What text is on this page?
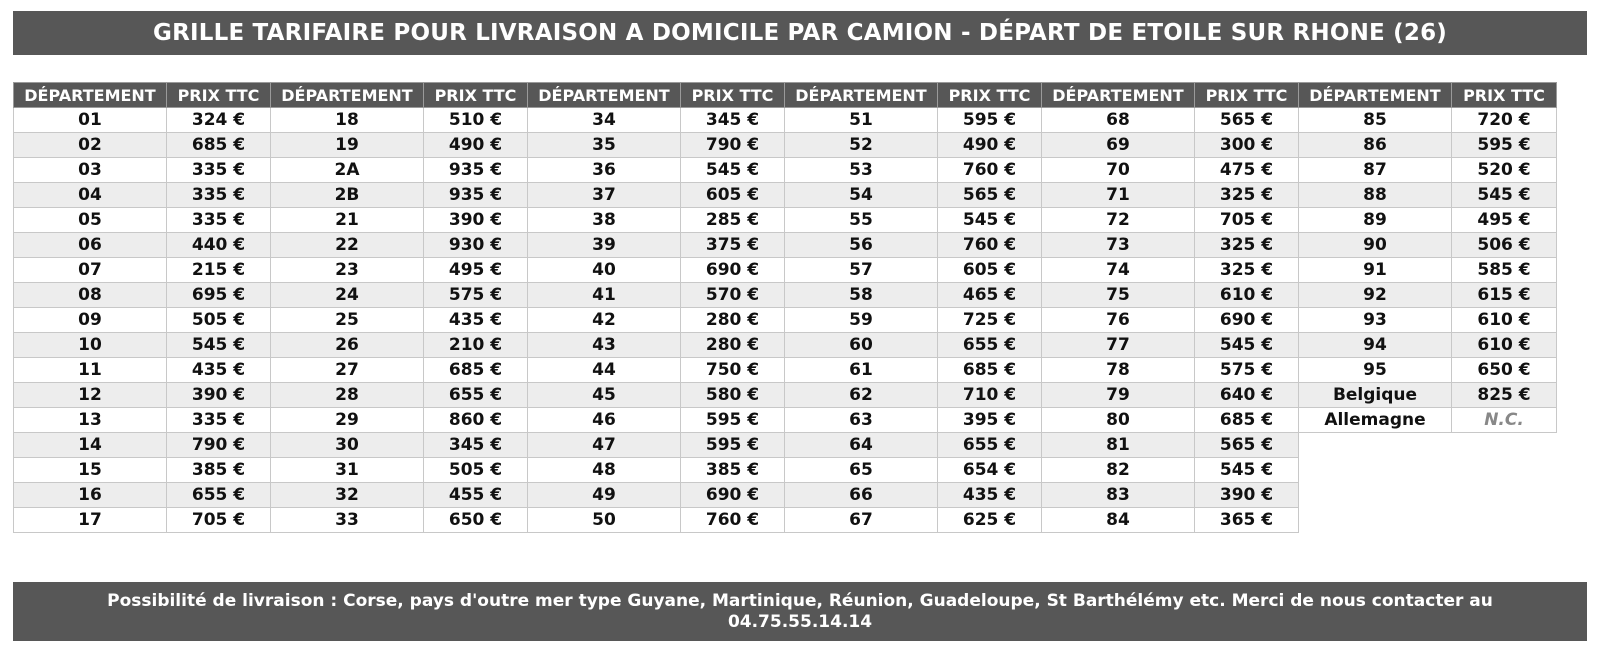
GRILLE TARIFAIRE POUR LIVRAISON A DOMICILE PAR CAMION - DÉPART DE ETOILE SUR RHONE (26)
DÉPARTEMENT	PRIX TTC	DÉPARTEMENT	PRIX TTC	DÉPARTEMENT	PRIX TTC	DÉPARTEMENT	PRIX TTC	DÉPARTEMENT	PRIX TTC	DÉPARTEMENT	PRIX TTC
01	324 €	18	510 €	34	345 €	51	595 €	68	565 €	85	720 €
02	685 €	19	490 €	35	790 €	52	490 €	69	300 €	86	595 €
03	335 €	2A	935 €	36	545 €	53	760 €	70	475 €	87	520 €
04	335 €	2B	935 €	37	605 €	54	565 €	71	325 €	88	545 €
05	335 €	21	390 €	38	285 €	55	545 €	72	705 €	89	495 €
06	440 €	22	930 €	39	375 €	56	760 €	73	325 €	90	506 €
07	215 €	23	495 €	40	690 €	57	605 €	74	325 €	91	585 €
08	695 €	24	575 €	41	570 €	58	465 €	75	610 €	92	615 €
09	505 €	25	435 €	42	280 €	59	725 €	76	690 €	93	610 €
10	545 €	26	210 €	43	280 €	60	655 €	77	545 €	94	610 €
11	435 €	27	685 €	44	750 €	61	685 €	78	575 €	95	650 €
12	390 €	28	655 €	45	580 €	62	710 €	79	640 €	Belgique	825 €
13	335 €	29	860 €	46	595 €	63	395 €	80	685 €	Allemagne	N.C.
14	790 €	30	345 €	47	595 €	64	655 €	81	565 €		
15	385 €	31	505 €	48	385 €	65	654 €	82	545 €		
16	655 €	32	455 €	49	690 €	66	435 €	83	390 €		
17	705 €	33	650 €	50	760 €	67	625 €	84	365 €		
Possibilité de livraison : Corse, pays d'outre mer type Guyane, Martinique, Réunion, Guadeloupe, St Barthélémy etc. Merci de nous contacter au 04.75.55.14.14
